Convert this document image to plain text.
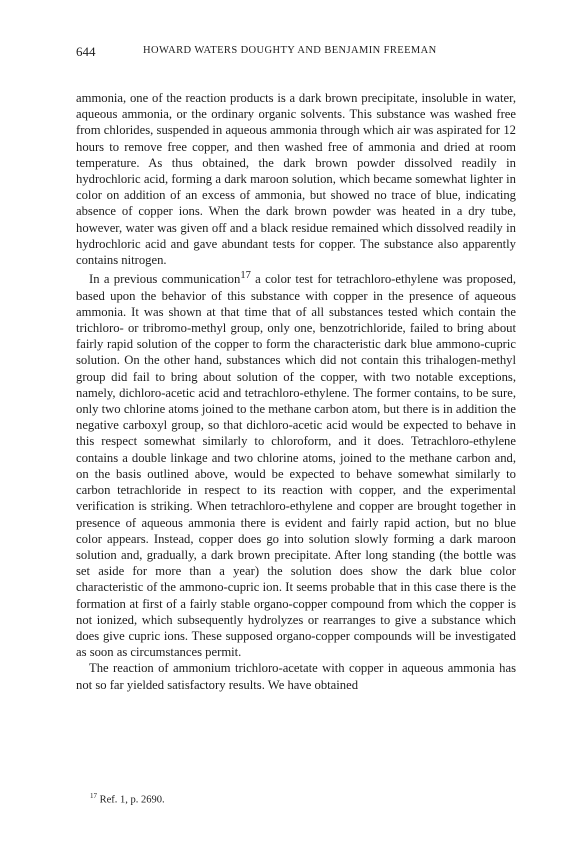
644	HOWARD WATERS DOUGHTY AND BENJAMIN FREEMAN

ammonia, one of the reaction products is a dark brown precipitate, insoluble in water, aqueous ammonia, or the ordinary organic solvents. This substance was washed free from chlorides, suspended in aqueous ammonia through which air was aspirated for 12 hours to remove free copper, and then washed free of ammonia and dried at room temperature. As thus obtained, the dark brown powder dissolved readily in hydrochloric acid, forming a dark maroon solution, which became somewhat lighter in color on addition of an excess of ammonia, but showed no trace of blue, indicating absence of copper ions. When the dark brown powder was heated in a dry tube, however, water was given off and a black residue remained which dissolved readily in hydrochloric acid and gave abundant tests for copper. The substance also apparently contains nitrogen.

In a previous communication$^{17}$ a color test for tetrachloro-ethylene was proposed, based upon the behavior of this substance with copper in the presence of aqueous ammonia. It was shown at that time that of all substances tested which contain the trichloro- or tribromo-methyl group, only one, benzotrichloride, failed to bring about fairly rapid solution of the copper to form the characteristic dark blue ammono-cupric solution. On the other hand, substances which did not contain this trihalogen-methyl group did fail to bring about solution of the copper, with two notable exceptions, namely, dichloro-acetic acid and tetrachloro-ethylene. The former contains, to be sure, only two chlorine atoms joined to the methane carbon atom, but there is in addition the negative carboxyl group, so that dichloro-acetic acid would be expected to behave in this respect somewhat similarly to chloroform, and it does. Tetrachloro-ethylene contains a double linkage and two chlorine atoms, joined to the methane carbon and, on the basis outlined above, would be expected to behave somewhat similarly to carbon tetrachloride in respect to its reaction with copper, and the experimental verification is striking. When tetrachloro-ethylene and copper are brought together in presence of aqueous ammonia there is evident and fairly rapid action, but no blue color appears. Instead, copper does go into solution slowly forming a dark maroon solution and, gradually, a dark brown precipitate. After long standing (the bottle was set aside for more than a year) the solution does show the dark blue color characteristic of the ammono-cupric ion. It seems probable that in this case there is the formation at first of a fairly stable organo-copper compound from which the copper is not ionized, which subsequently hydrolyzes or rearranges to give a substance which does give cupric ions. These supposed organo-copper compounds will be investigated as soon as circumstances permit.

The reaction of ammonium trichloro-acetate with copper in aqueous ammonia has not so far yielded satisfactory results. We have obtained

$^{17}$ Ref. 1, p. 2690.
